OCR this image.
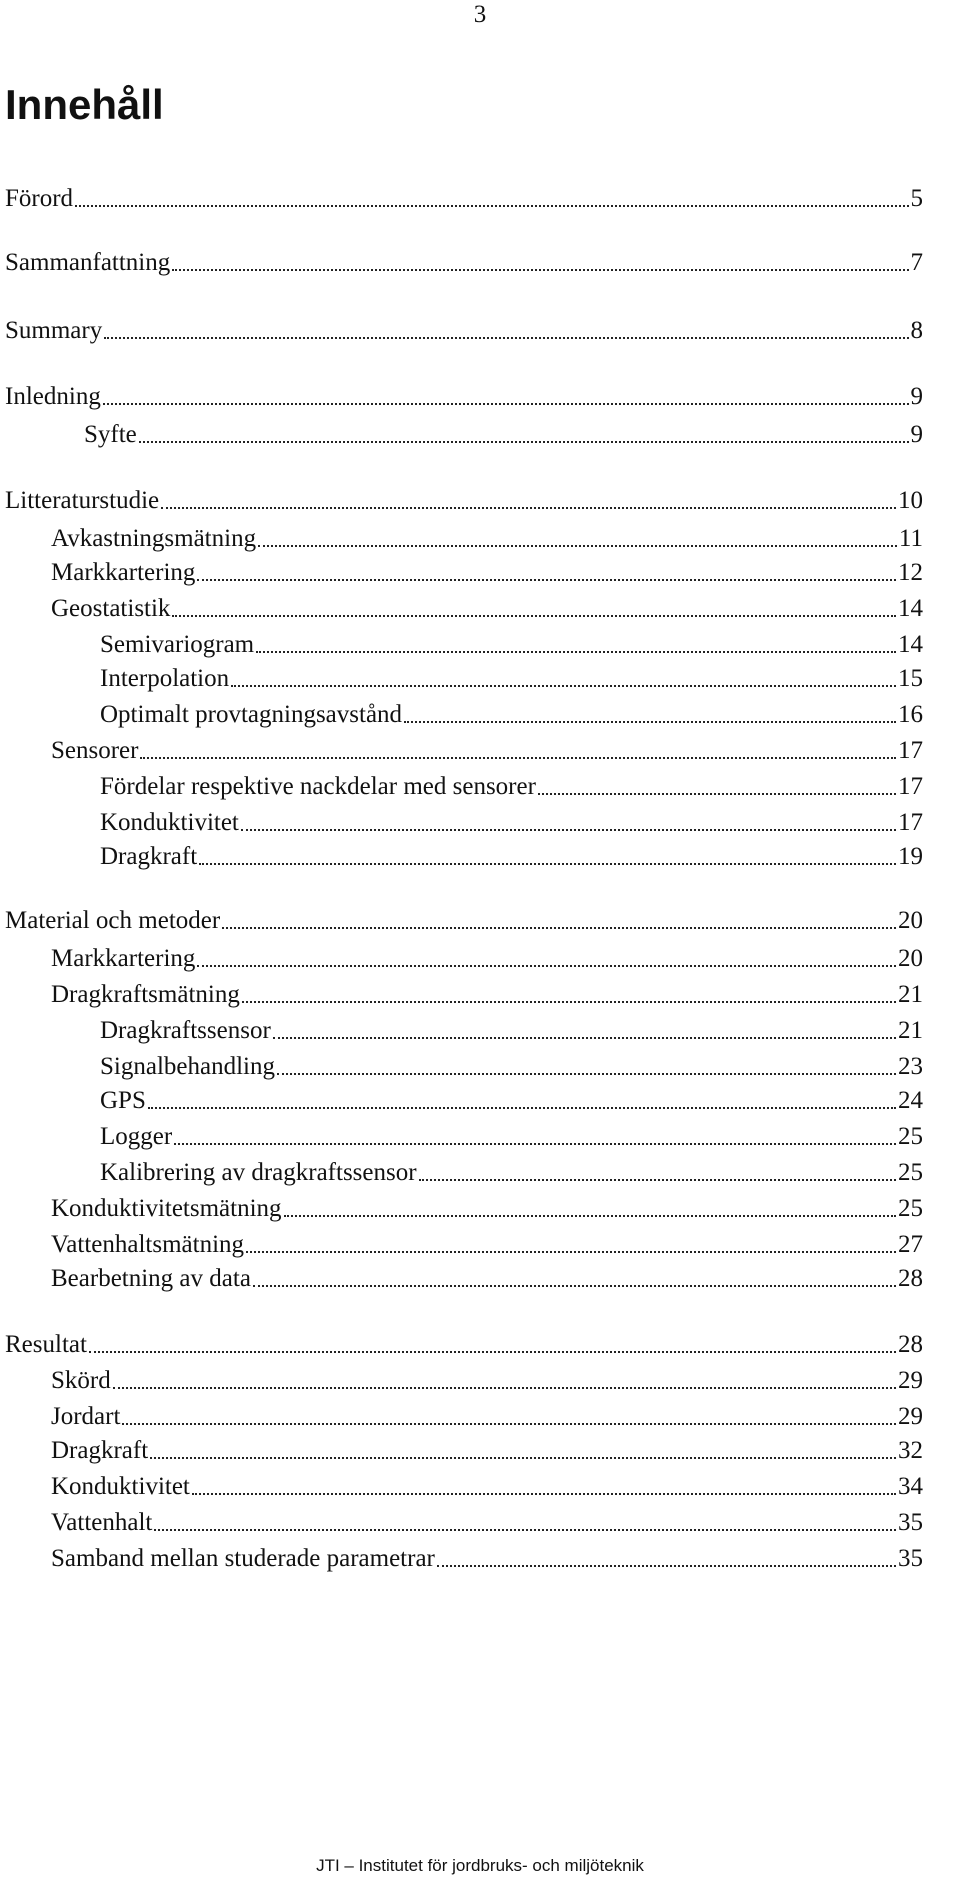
3
Innehåll
Förord	5
Sammanfattning	7
Summary	8
Inledning	9
Syfte	9
Litteraturstudie	10
Avkastningsmätning	11
Markkartering	12
Geostatistik	14
Semivariogram	14
Interpolation	15
Optimalt provtagningsavstånd	16
Sensorer	17
Fördelar respektive nackdelar med sensorer	17
Konduktivitet	17
Dragkraft	19
Material och metoder	20
Markkartering	20
Dragkraftsmätning	21
Dragkraftssensor	21
Signalbehandling	23
GPS	24
Logger	25
Kalibrering av dragkraftssensor	25
Konduktivitetsmätning	25
Vattenhaltsmätning	27
Bearbetning av data	28
Resultat	28
Skörd	29
Jordart	29
Dragkraft	32
Konduktivitet	34
Vattenhalt	35
Samband mellan studerade parametrar	35
JTI – Institutet för jordbruks- och miljöteknik
